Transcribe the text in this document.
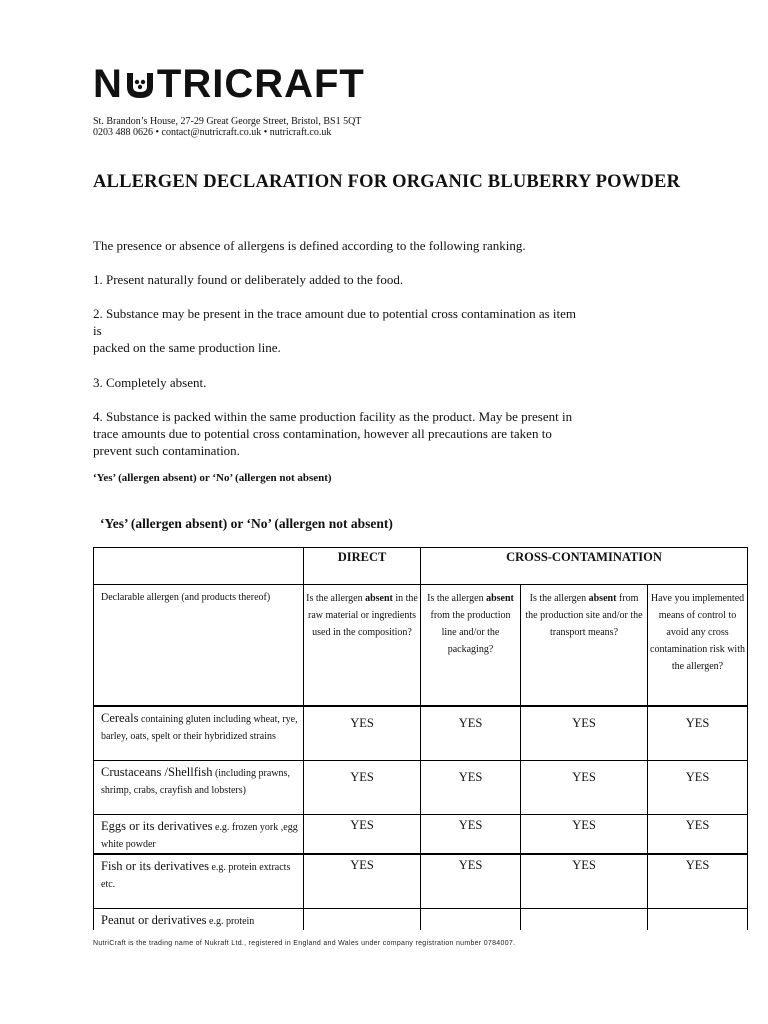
N TRICRAFT
St. Brandon’s House, 27-29 Great George Street, Bristol, BS1 5QT
0203 488 0626 • contact@nutricraft.co.uk • nutricraft.co.uk
ALLERGEN DECLARATION FOR ORGANIC BLUBERRY POWDER

The presence or absence of allergens is defined according to the following ranking.

1. Present naturally found or deliberately added to the food.

2. Substance may be present in the trace amount due to potential cross contamination as item
is
packed on the same production line.

3. Completely absent.

4. Substance is packed within the same production facility as the product. May be present in
trace amounts due to potential cross contamination, however all precautions are taken to
prevent such contamination.

‘Yes’ (allergen absent) or ‘No’ (allergen not absent)
‘Yes’ (allergen absent) or ‘No’ (allergen not absent)
	DIRECT	CROSS-CONTAMINATION		
Declarable allergen (and products thereof)	Is the allergen absent in the raw material or ingredients used in the composition?	Is the allergen absent from the production line and/or the packaging?	Is the allergen absent from the production site and/or the transport means?	Have you implemented means of control to avoid any cross contamination risk with the allergen?
Cereals containing gluten including wheat, rye, barley, oats, spelt or their hybridized strains	YES	YES	YES	YES
Crustaceans /Shellfish (including prawns, shrimp, crabs, crayfish and lobsters)	YES	YES	YES	YES
Eggs or its derivatives e.g. frozen york ,egg white powder	YES	YES	YES	YES
Fish or its derivatives e.g. protein extracts etc.	YES	YES	YES	YES
Peanut or derivatives e.g. protein				
NutriCraft is the trading name of Nukraft Ltd., registered in England and Wales under company registration number 0784007.
